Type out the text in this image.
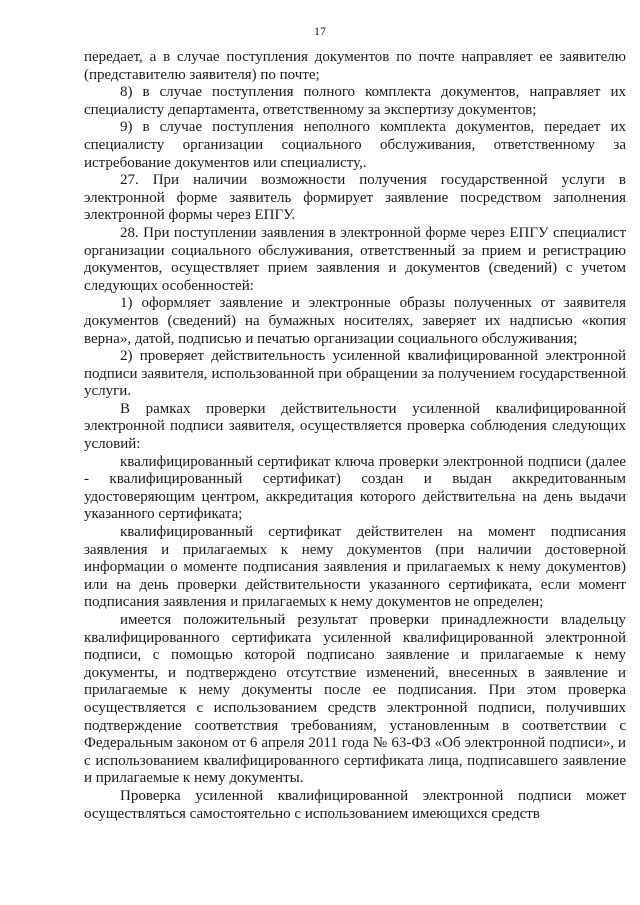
17

передает, а в случае поступления документов по почте направляет ее заявителю (представителю заявителя) по почте;

8) в случае поступления полного комплекта документов, направляет их специалисту департамента, ответственному за экспертизу документов;

9) в случае поступления неполного комплекта документов, передает их специалисту организации социального обслуживания, ответственному за истребование документов или специалисту,.

27. При наличии возможности получения государственной услуги в электронной форме заявитель формирует заявление посредством заполнения электронной формы через ЕПГУ.

28. При поступлении заявления в электронной форме через ЕПГУ специалист организации социального обслуживания, ответственный за прием и регистрацию документов, осуществляет прием заявления и документов (сведений) с учетом следующих особенностей:

1) оформляет заявление и электронные образы полученных от заявителя документов (сведений) на бумажных носителях, заверяет их надписью «копия верна», датой, подписью и печатью организации социального обслуживания;

2) проверяет действительность усиленной квалифицированной электронной подписи заявителя, использованной при обращении за получением государственной услуги.

В рамках проверки действительности усиленной квалифицированной электронной подписи заявителя, осуществляется проверка соблюдения следующих условий:

квалифицированный сертификат ключа проверки электронной подписи (далее - квалифицированный сертификат) создан и выдан аккредитованным удостоверяющим центром, аккредитация которого действительна на день выдачи указанного сертификата;

квалифицированный сертификат действителен на момент подписания заявления и прилагаемых к нему документов (при наличии достоверной информации о моменте подписания заявления и прилагаемых к нему документов) или на день проверки действительности указанного сертификата, если момент подписания заявления и прилагаемых к нему документов не определен;

имеется положительный результат проверки принадлежности владельцу квалифицированного сертификата усиленной квалифицированной электронной подписи, с помощью которой подписано заявление и прилагаемые к нему документы, и подтверждено отсутствие изменений, внесенных в заявление и прилагаемые к нему документы после ее подписания. При этом проверка осуществляется с использованием средств электронной подписи, получивших подтверждение соответствия требованиям, установленным в соответствии с Федеральным законом от 6 апреля 2011 года № 63-ФЗ «Об электронной подписи», и с использованием квалифицированного сертификата лица, подписавшего заявление и прилагаемые к нему документы.

Проверка усиленной квалифицированной электронной подписи может осуществляться самостоятельно с использованием имеющихся средств
